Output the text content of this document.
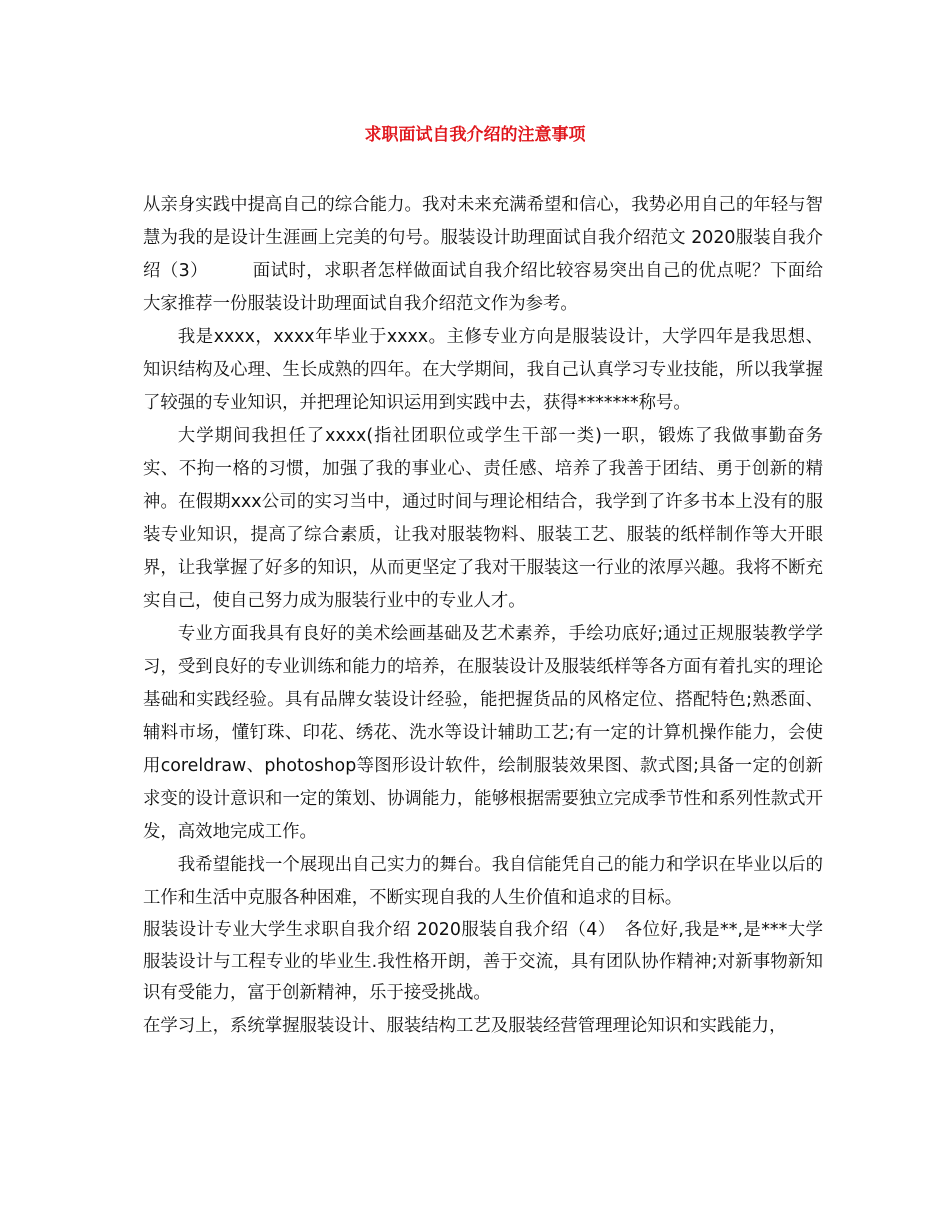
求职面试自我介绍的注意事项

从亲身实践中提高自己的综合能力。我对未来充满希望和信心，我势必用自己的年轻与智慧为我的是设计生涯画上完美的句号。服装设计助理面试自我介绍范文 2020服装自我介绍（3）　　　面试时，求职者怎样做面试自我介绍比较容易突出自己的优点呢？下面给大家推荐一份服装设计助理面试自我介绍范文作为参考。

我是xxxx，xxxx年毕业于xxxx。主修专业方向是服装设计，大学四年是我思想、知识结构及心理、生长成熟的四年。在大学期间，我自己认真学习专业技能，所以我掌握了较强的专业知识，并把理论知识运用到实践中去，获得*******称号。

大学期间我担任了xxxx(指社团职位或学生干部一类)一职，锻炼了我做事勤奋务实、不拘一格的习惯，加强了我的事业心、责任感、培养了我善于团结、勇于创新的精神。在假期xxx公司的实习当中，通过时间与理论相结合，我学到了许多书本上没有的服装专业知识，提高了综合素质，让我对服装物料、服装工艺、服装的纸样制作等大开眼界，让我掌握了好多的知识，从而更坚定了我对干服装这一行业的浓厚兴趣。我将不断充实自己，使自己努力成为服装行业中的专业人才。

专业方面我具有良好的美术绘画基础及艺术素养，手绘功底好;通过正规服装教学学习，受到良好的专业训练和能力的培养，在服装设计及服装纸样等各方面有着扎实的理论基础和实践经验。具有品牌女装设计经验，能把握货品的风格定位、搭配特色;熟悉面、辅料市场，懂钉珠、印花、绣花、洗水等设计辅助工艺;有一定的计算机操作能力，会使用coreldraw、photoshop等图形设计软件，绘制服装效果图、款式图;具备一定的创新求变的设计意识和一定的策划、协调能力，能够根据需要独立完成季节性和系列性款式开发，高效地完成工作。

我希望能找一个展现出自己实力的舞台。我自信能凭自己的能力和学识在毕业以后的工作和生活中克服各种困难，不断实现自我的人生价值和追求的目标。

服装设计专业大学生求职自我介绍 2020服装自我介绍（4）　各位好,我是**,是***大学服装设计与工程专业的毕业生.我性格开朗，善于交流，具有团队协作精神;对新事物新知识有受能力，富于创新精神，乐于接受挑战。

在学习上，系统掌握服装设计、服装结构工艺及服装经营管理理论知识和实践能力，
